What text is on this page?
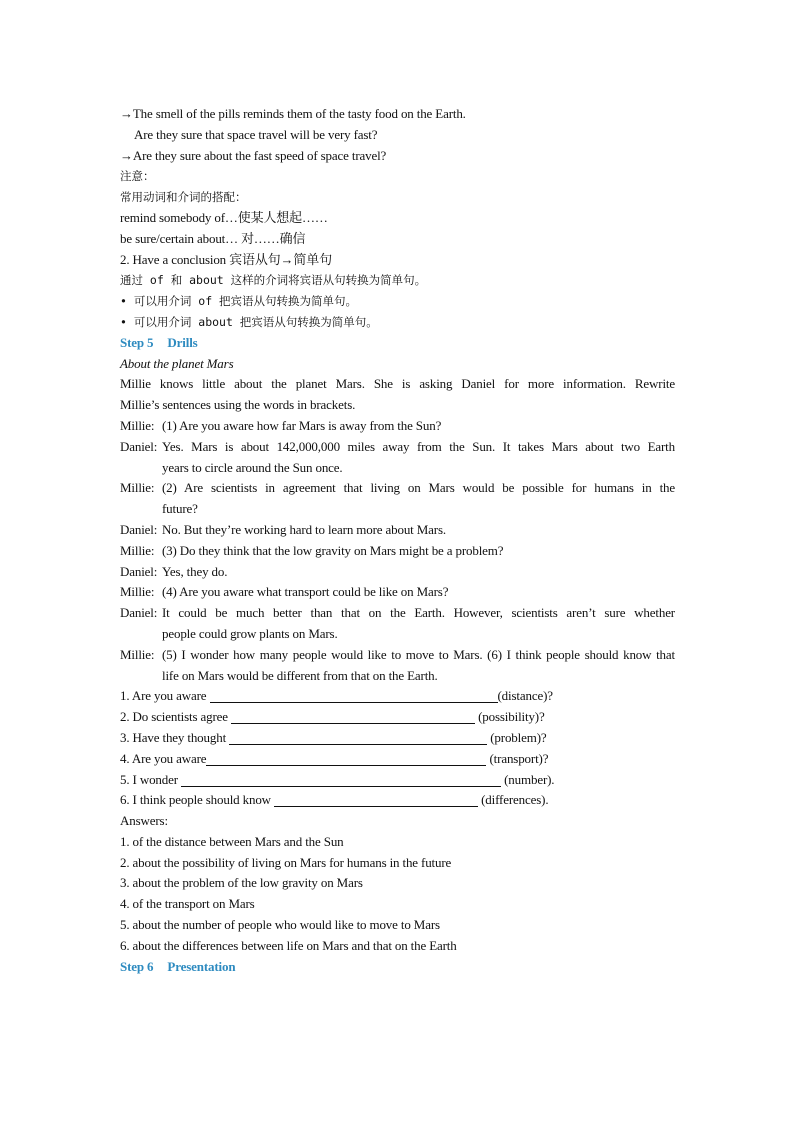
→The smell of the pills reminds them of the tasty food on the Earth.
Are they sure that space travel will be very fast?
→Are they sure about the fast speed of space travel?
注意：
常用动词和介词的搭配：
remind somebody of…使某人想起……
be sure/certain about… 对……确信
2. Have a conclusion 宾语从句→简单句
通过 of 和 about 这样的介词将宾语从句转换为简单句。
• 可以用介词 of 把宾语从句转换为简单句。
• 可以用介词 about 把宾语从句转换为简单句。
Step 5 Drills
About the planet Mars
Millie knows little about the planet Mars. She is asking Daniel for more information. Rewrite
Millie’s sentences using the words in brackets.
Millie: (1) Are you aware how far Mars is away from the Sun?
Daniel: Yes. Mars is about 142,000,000 miles away from the Sun. It takes Mars about two Earth
years to circle around the Sun once.
Millie: (2) Are scientists in agreement that living on Mars would be possible for humans in the
future?
Daniel: No. But they’re working hard to learn more about Mars.
Millie: (3) Do they think that the low gravity on Mars might be a problem?
Daniel: Yes, they do.
Millie: (4) Are you aware what transport could be like on Mars?
Daniel: It could be much better than that on the Earth. However, scientists aren’t sure whether
people could grow plants on Mars.
Millie: (5) I wonder how many people would like to move to Mars. (6) I think people should know that
life on Mars would be different from that on the Earth.
1. Are you aware	(distance)?
2. Do scientists agree	(possibility)?
3. Have they thought	(problem)?
4. Are you aware	(transport)?
5. I wonder	(number).
6. I think people should know	(differences).
Answers:
1. of the distance between Mars and the Sun
2. about the possibility of living on Mars for humans in the future
3. about the problem of the low gravity on Mars
4. of the transport on Mars
5. about the number of people who would like to move to Mars
6. about the differences between life on Mars and that on the Earth
Step 6 Presentation
